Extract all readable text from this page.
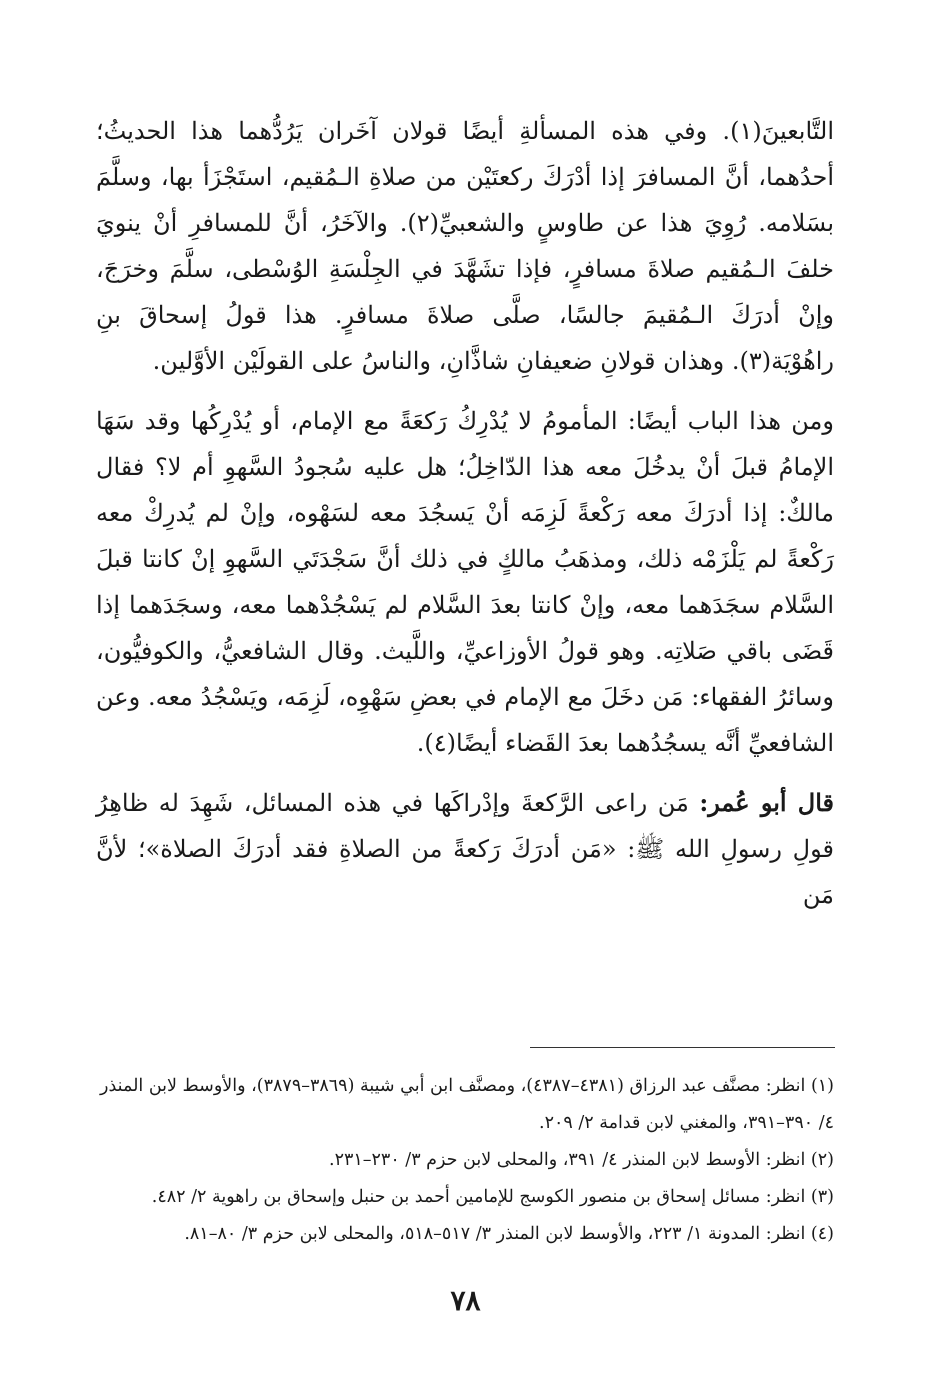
التَّابعينَ(١). وفي هذه المسألةِ أيضًا قولان آخَران يَرُدُّهما هذا الحديثُ؛ أحدُهما، أنَّ المسافرَ إذا أدْرَكَ ركعتَيْن من صلاةِ الـمُقيم، استَجْزَأ بها، وسلَّمَ بسَلامه. رُوِيَ هذا عن طاوسٍ والشعبيِّ(٢). والآخَرُ، أنَّ للمسافرِ أنْ ينويَ خلفَ الـمُقيم صلاةَ مسافرٍ، فإذا تشَهَّدَ في الجِلْسَةِ الوُسْطى، سلَّمَ وخرَجَ، وإنْ أدرَكَ الـمُقيمَ جالسًا، صلَّى صلاةَ مسافرٍ. هذا قولُ إسحاقَ بنِ راهُوْيَة(٣). وهذان قولانِ ضعيفانِ شاذَّانِ، والناسُ على القولَيْن الأوَّلين.

ومن هذا الباب أيضًا: المأمومُ لا يُدْرِكُ رَكعَةً مع الإمام، أو يُدْرِكُها وقد سَهَا الإمامُ قبلَ أنْ يدخُلَ معه هذا الدّاخِلُ؛ هل عليه سُجودُ السَّهوِ أم لا؟ فقال مالكٌ: إذا أدرَكَ معه رَكْعةً لَزِمَه أنْ يَسجُدَ معه لسَهْوه، وإنْ لم يُدرِكْ معه رَكْعةً لم يَلْزَمْه ذلك، ومذهَبُ مالكٍ في ذلك أنَّ سَجْدَتَي السَّهوِ إنْ كانتا قبلَ السَّلام سجَدَهما معه، وإنْ كانتا بعدَ السَّلام لم يَسْجُدْهما معه، وسجَدَهما إذا قَضَى باقي صَلاتِه. وهو قولُ الأوزاعيِّ، واللَّيث. وقال الشافعيُّ، والكوفيُّون، وسائرُ الفقهاء: مَن دخَلَ مع الإمام في بعضِ سَهْوِه، لَزِمَه، ويَسْجُدُ معه. وعن الشافعيِّ أنَّه يسجُدُهما بعدَ القَضاء أيضًا(٤).

قال أبو عُمر: مَن راعى الرَّكعةَ وإدْراكَها في هذه المسائل، شَهِدَ له ظاهِرُ قولِ رسولِ الله ﷺ: «مَن أدرَكَ رَكعةً من الصلاةِ فقد أدرَكَ الصلاة»؛ لأنَّ مَن

(١) انظر: مصنَّف عبد الرزاق (٤٣٨١–٤٣٨٧)، ومصنَّف ابن أبي شيبة (٣٨٦٩–٣٨٧٩)، والأوسط لابن المنذر ٤/ ٣٩٠–٣٩١، والمغني لابن قدامة ٢/ ٢٠٩.

(٢) انظر: الأوسط لابن المنذر ٤/ ٣٩١، والمحلى لابن حزم ٣/ ٢٣٠–٢٣١.

(٣) انظر: مسائل إسحاق بن منصور الكوسج للإمامين أحمد بن حنبل وإسحاق بن راهوية ٢/ ٤٨٢.

(٤) انظر: المدونة ١/ ٢٢٣، والأوسط لابن المنذر ٣/ ٥١٧–٥١٨، والمحلى لابن حزم ٣/ ٨٠–٨١.

٧٨
